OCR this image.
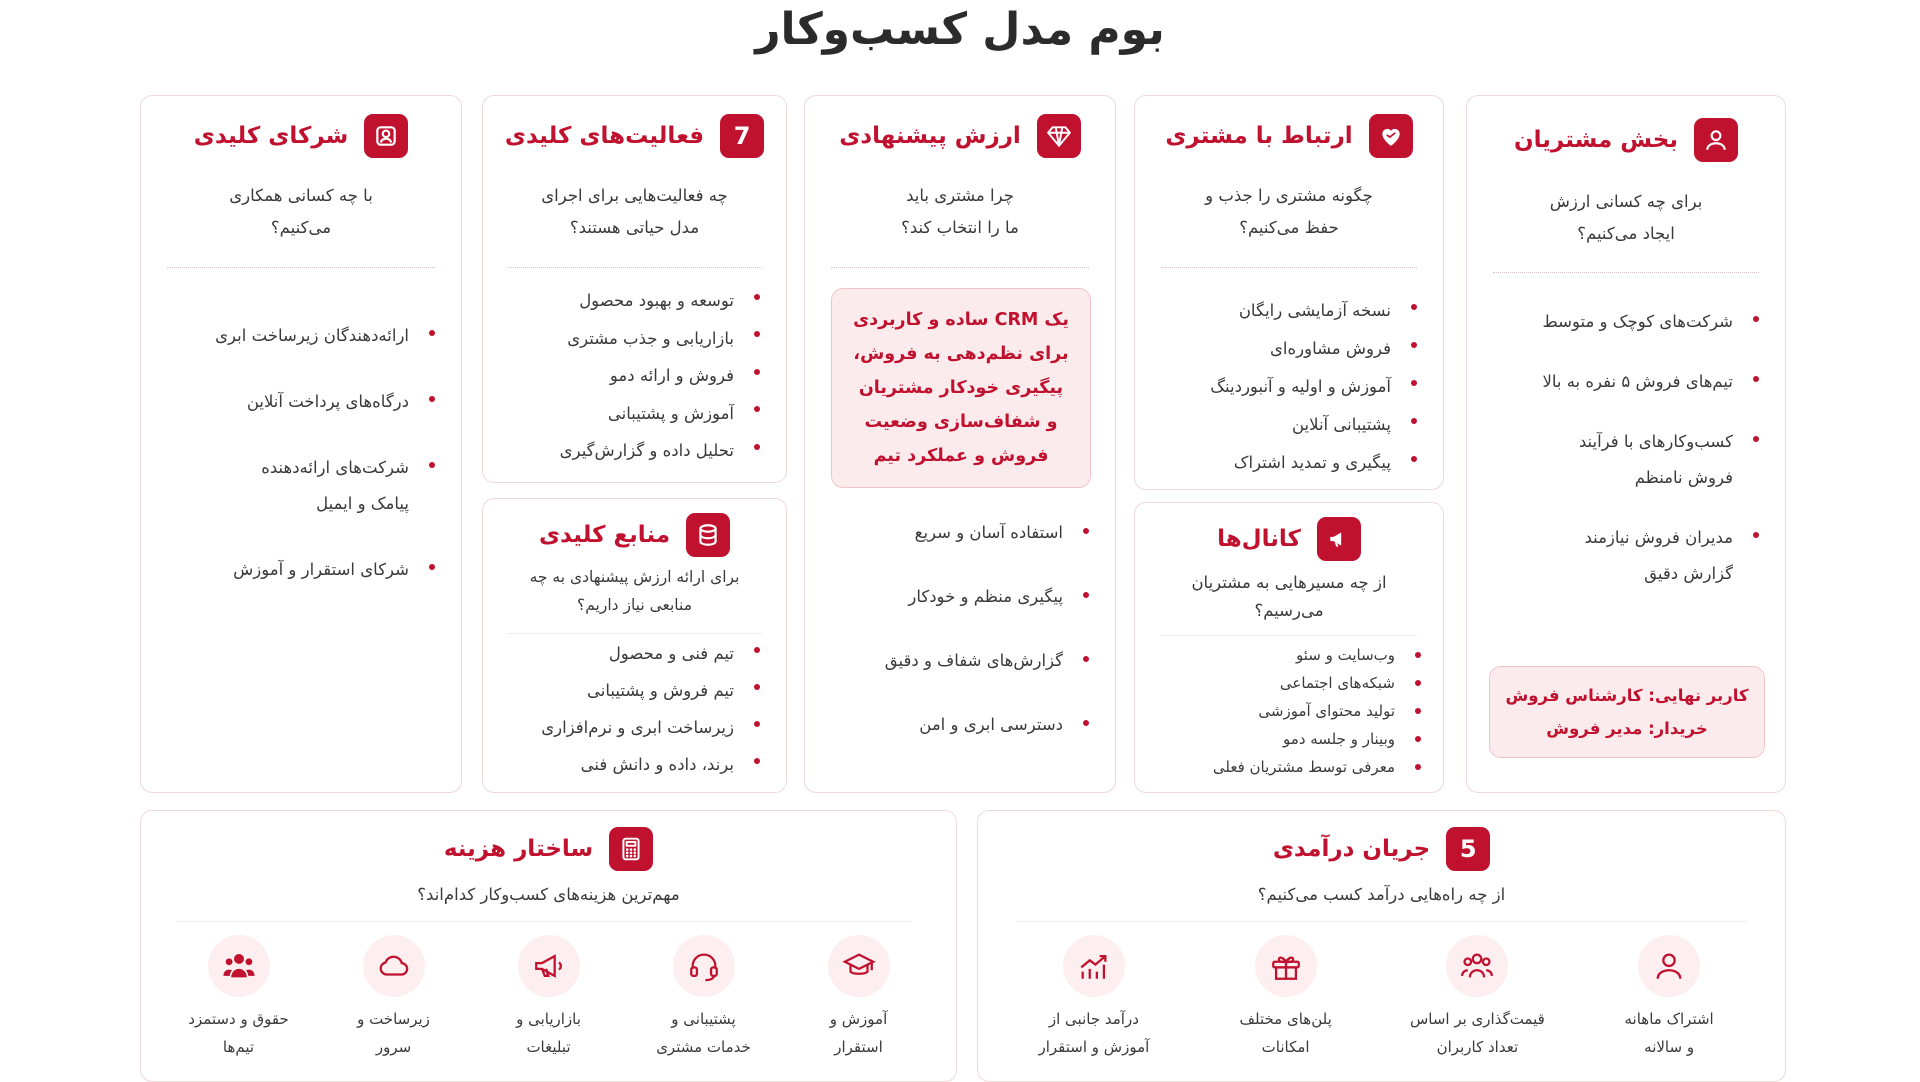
بوم مدل کسب‌وکار
بخش مشتریان
برای چه کسانی ارزش
ایجاد می‌کنیم؟
شرکت‌های کوچک و متوسط
تیم‌های فروش ۵ نفره به بالا
کسب‌وکارهای با فرآیند
فروش نامنظم
مدیران فروش نیازمند
گزارش دقیق
کاربر نهایی: کارشناس فروش
خریدار: مدیر فروش
ارتباط با مشتری
چگونه مشتری را جذب و
حفظ می‌کنیم؟
نسخه آزمایشی رایگان
فروش مشاوره‌ای
آموزش و اولیه و آنبوردینگ
پشتیبانی آنلاین
پیگیری و تمدید اشتراک
کانال‌ها
از چه مسیرهایی به مشتریان
می‌رسیم؟
وب‌سایت و سئو
شبکه‌های اجتماعی
تولید محتوای آموزشی
وبینار و جلسه دمو
معرفی توسط مشتریان فعلی
ارزش پیشنهادی
چرا مشتری باید
ما را انتخاب کند؟
یک CRM ساده و کاربردی
برای نظم‌دهی به فروش،
پیگیری خودکار مشتریان
و شفاف‌سازی وضعیت
فروش و عملکرد تیم
استفاده آسان و سریع
پیگیری منظم و خودکار
گزارش‌های شفاف و دقیق
دسترسی ابری و امن
7
فعالیت‌های کلیدی
چه فعالیت‌هایی برای اجرای
مدل حیاتی هستند؟
توسعه و بهبود محصول
بازاریابی و جذب مشتری
فروش و ارائه دمو
آموزش و پشتیبانی
تحلیل داده و گزارش‌گیری
منابع کلیدی
برای ارائه ارزش پیشنهادی به چه
منابعی نیاز داریم؟
تیم فنی و محصول
تیم فروش و پشتیبانی
زیرساخت ابری و نرم‌افزاری
برند، داده و دانش فنی
شرکای کلیدی
با چه کسانی همکاری
می‌کنیم؟
ارائه‌دهندگان زیرساخت ابری
درگاه‌های پرداخت آنلاین
شرکت‌های ارائه‌دهنده
پیامک و ایمیل
شرکای استقرار و آموزش
5
جریان درآمدی
از چه راه‌هایی درآمد کسب می‌کنیم؟
اشتراک ماهانه
و سالانه
قیمت‌گذاری بر اساس
تعداد کاربران
پلن‌های مختلف
امکانات
درآمد جانبی از
آموزش و استقرار
ساختار هزینه
مهم‌ترین هزینه‌های کسب‌وکار کدام‌اند؟
آموزش و
استقرار
پشتیبانی و
خدمات مشتری
بازاریابی و
تبلیغات
زیرساخت و
سرور
حقوق و دستمزد
تیم‌ها
